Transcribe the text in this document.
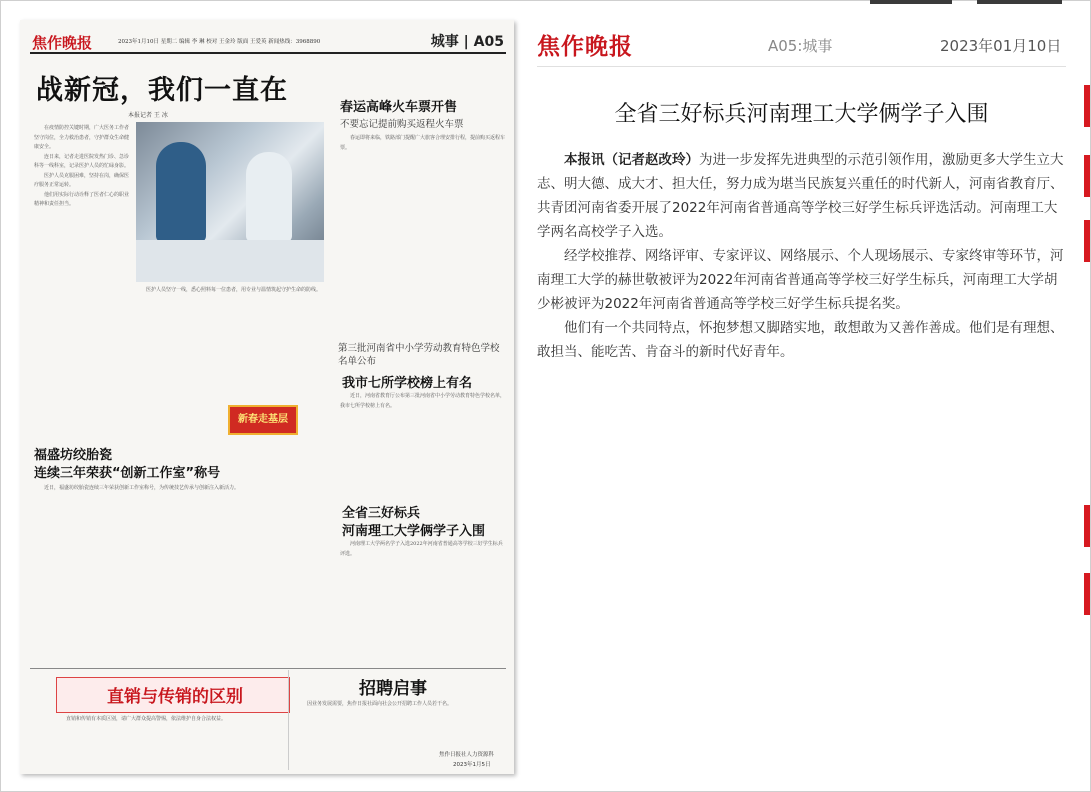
焦作晚报	2023年1月10日 星期二 编辑 李 琳 校对 王金玲 版面 王爱英 新闻热线：3968890	城事 | A05
战新冠，我们一直在
本报记者 王 冰

在疫情防控关键时期，广大医务工作者坚守岗位，全力救治患者，守护群众生命健康安全。

连日来，记者走进医院发热门诊、急诊科等一线科室，记录医护人员的忙碌身影。

医护人员克服困难，坚持在岗，确保医疗服务正常运转。

他们用实际行动诠释了医者仁心的职业精神和责任担当。

医护人员坚守一线，悉心照料每一位患者，用专业与温情筑起守护生命的防线。

新春走基层
春运高峰火车票开售
不要忘记提前购买返程火车票

春运即将来临，铁路部门提醒广大旅客合理安排行程，提前购买返程车票。

第三批河南省中小学劳动教育特色学校名单公布
我市七所学校榜上有名

近日，河南省教育厅公布第三批河南省中小学劳动教育特色学校名单，我市七所学校榜上有名。

福盛坊绞胎瓷
连续三年荣获“创新工作室”称号

近日，福盛坊绞胎瓷连续三年荣获创新工作室称号，为传统技艺传承与创新注入新活力。

全省三好标兵
河南理工大学俩学子入围

河南理工大学两名学子入选2022年河南省普通高等学校三好学生标兵评选。

直销与传销的区别

直销和传销有本质区别，请广大群众提高警惕，依法维护自身合法权益。

招聘启事

因业务发展需要，焦作日报社面向社会公开招聘工作人员若干名。

焦作日报社人力资源科
2023年1月5日
焦作晚报	A05:城事	2023年01月10日
全省三好标兵河南理工大学俩学子入围

本报讯（记者赵改玲）为进一步发挥先进典型的示范引领作用，激励更多大学生立大志、明大德、成大才、担大任，努力成为堪当民族复兴重任的时代新人，河南省教育厅、共青团河南省委开展了2022年河南省普通高等学校三好学生标兵评选活动。河南理工大学两名高校学子入选。

经学校推荐、网络评审、专家评议、网络展示、个人现场展示、专家终审等环节，河南理工大学的赫世敬被评为2022年河南省普通高等学校三好学生标兵，河南理工大学胡少彬被评为2022年河南省普通高等学校三好学生标兵提名奖。

他们有一个共同特点，怀抱梦想又脚踏实地，敢想敢为又善作善成。他们是有理想、敢担当、能吃苦、肯奋斗的新时代好青年。
